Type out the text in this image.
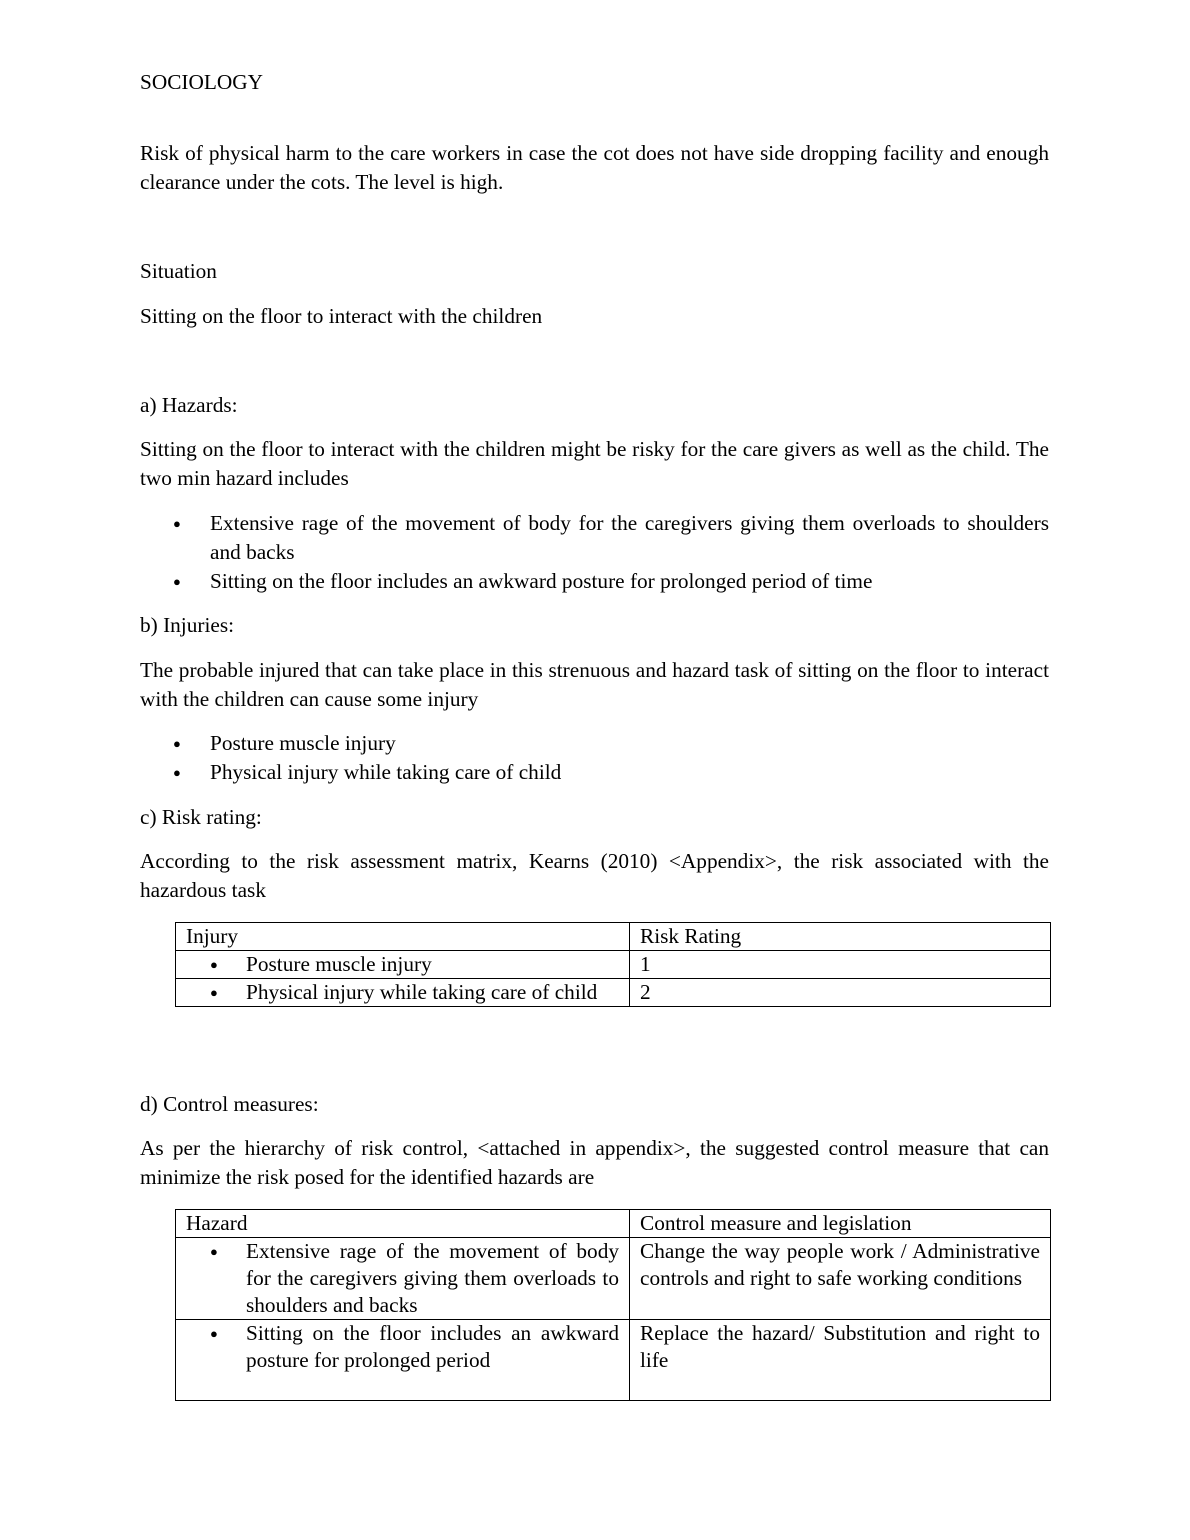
SOCIOLOGY

Risk of physical harm to the care workers in case the cot does not have side dropping facility and enough clearance under the cots. The level is high.

Situation

Sitting on the floor to interact with the children

a) Hazards:

Sitting on the floor to interact with the children might be risky for the care givers as well as the child. The two min hazard includes

● Extensive rage of the movement of body for the caregivers giving them overloads to shoulders and backs
● Sitting on the floor includes an awkward posture for prolonged period of time

b) Injuries:

The probable injured that can take place in this strenuous and hazard task of sitting on the floor to interact with the children can cause some injury

● Posture muscle injury
● Physical injury while taking care of child

c) Risk rating:

According to the risk assessment matrix, Kearns (2010) <Appendix>, the risk associated with the hazardous task

Injury	Risk Rating

● Posture muscle injury	1

● Physical injury while taking care of child	2

d) Control measures:

As per the hierarchy of risk control, <attached in appendix>, the suggested control measure that can minimize the risk posed for the identified hazards are

Hazard	Control measure and legislation

● Extensive rage of the movement of body for the caregivers giving them overloads to shoulders and backs	Change the way people work / Administrative controls and right to safe working conditions

● Sitting on the floor includes an awkward posture for prolonged period	Replace the hazard/ Substitution and right to life
